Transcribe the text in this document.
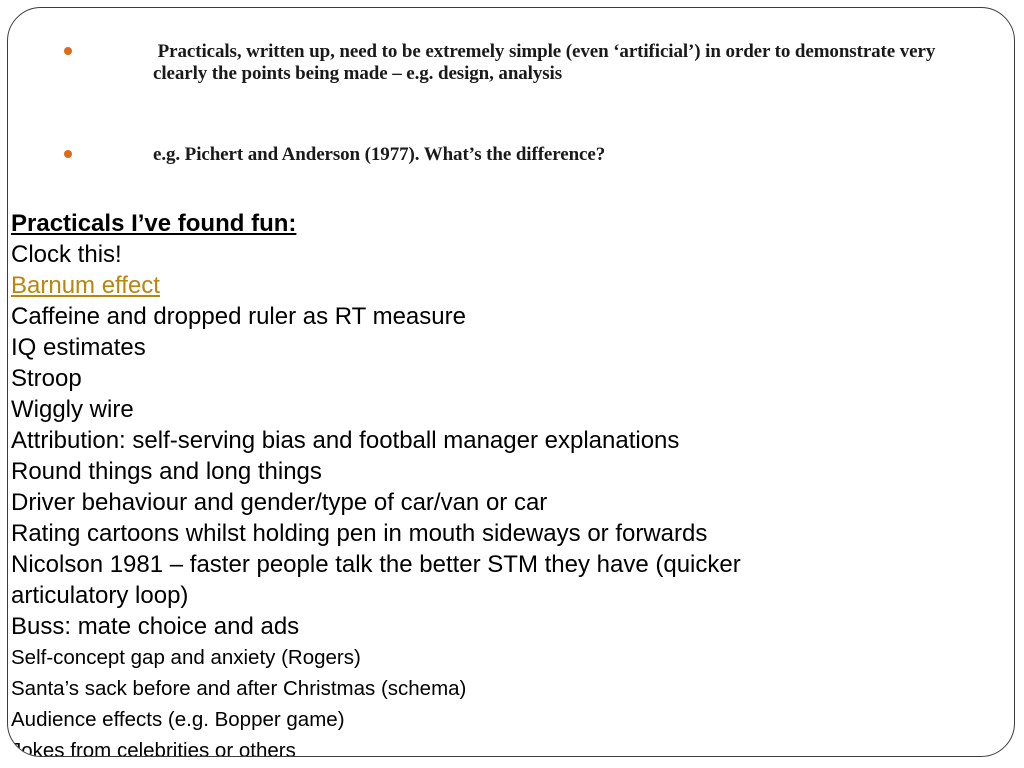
Practicals, written up, need to be extremely simple (even ‘artificial’) in order to demonstrate very clearly the points being made – e.g. design, analysis
e.g. Pichert and Anderson (1977). What’s the difference?
Practicals I’ve found fun:
Clock this!
Barnum effect
Caffeine and dropped ruler as RT measure
IQ estimates
Stroop
Wiggly wire
Attribution: self-serving bias and football manager explanations
Round things and long things
Driver behaviour and gender/type of car/van or car
Rating cartoons whilst holding pen in mouth sideways or forwards
Nicolson 1981 – faster people talk the better STM they have (quicker
articulatory loop)
Buss: mate choice and ads
Self-concept gap and anxiety (Rogers)
Santa’s sack before and after Christmas (schema)
Audience effects (e.g. Bopper game)
Jokes from celebrities or others
